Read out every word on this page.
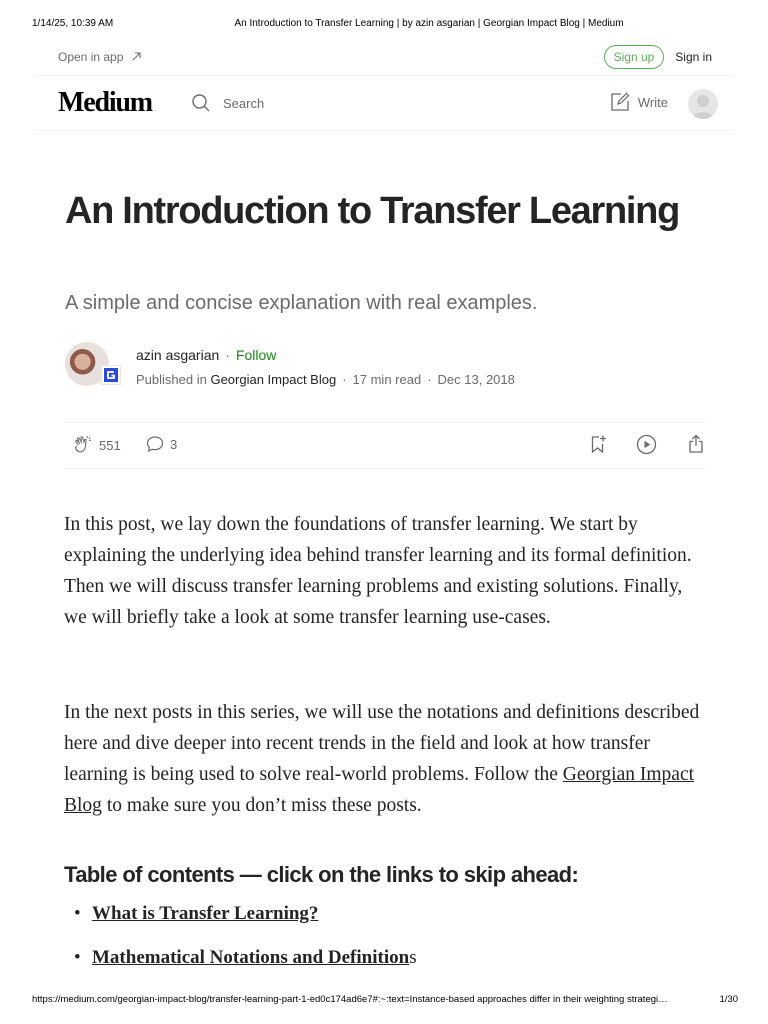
1/14/25, 10:39 AM	An Introduction to Transfer Learning | by azin asgarian | Georgian Impact Blog | Medium
Open in app	Sign up	Sign in
Medium	Search	Write
An Introduction to Transfer Learning
A simple and concise explanation with real examples.
azin asgarian · Follow
Published in Georgian Impact Blog · 17 min read · Dec 13, 2018
551	3

In this post, we lay down the foundations of transfer learning. We start by explaining the underlying idea behind transfer learning and its formal definition. Then we will discuss transfer learning problems and existing solutions. Finally, we will briefly take a look at some transfer learning use-cases.

In the next posts in this series, we will use the notations and definitions described here and dive deeper into recent trends in the field and look at how transfer learning is being used to solve real-world problems. Follow the Georgian Impact Blog to make sure you don’t miss these posts.

Table of contents — click on the links to skip ahead:
• What is Transfer Learning?
• Mathematical Notations and Definitions
https://medium.com/georgian-impact-blog/transfer-learning-part-1-ed0c174ad6e7#:~:text=Instance-based approaches differ in their weighting strategi…	1/30
